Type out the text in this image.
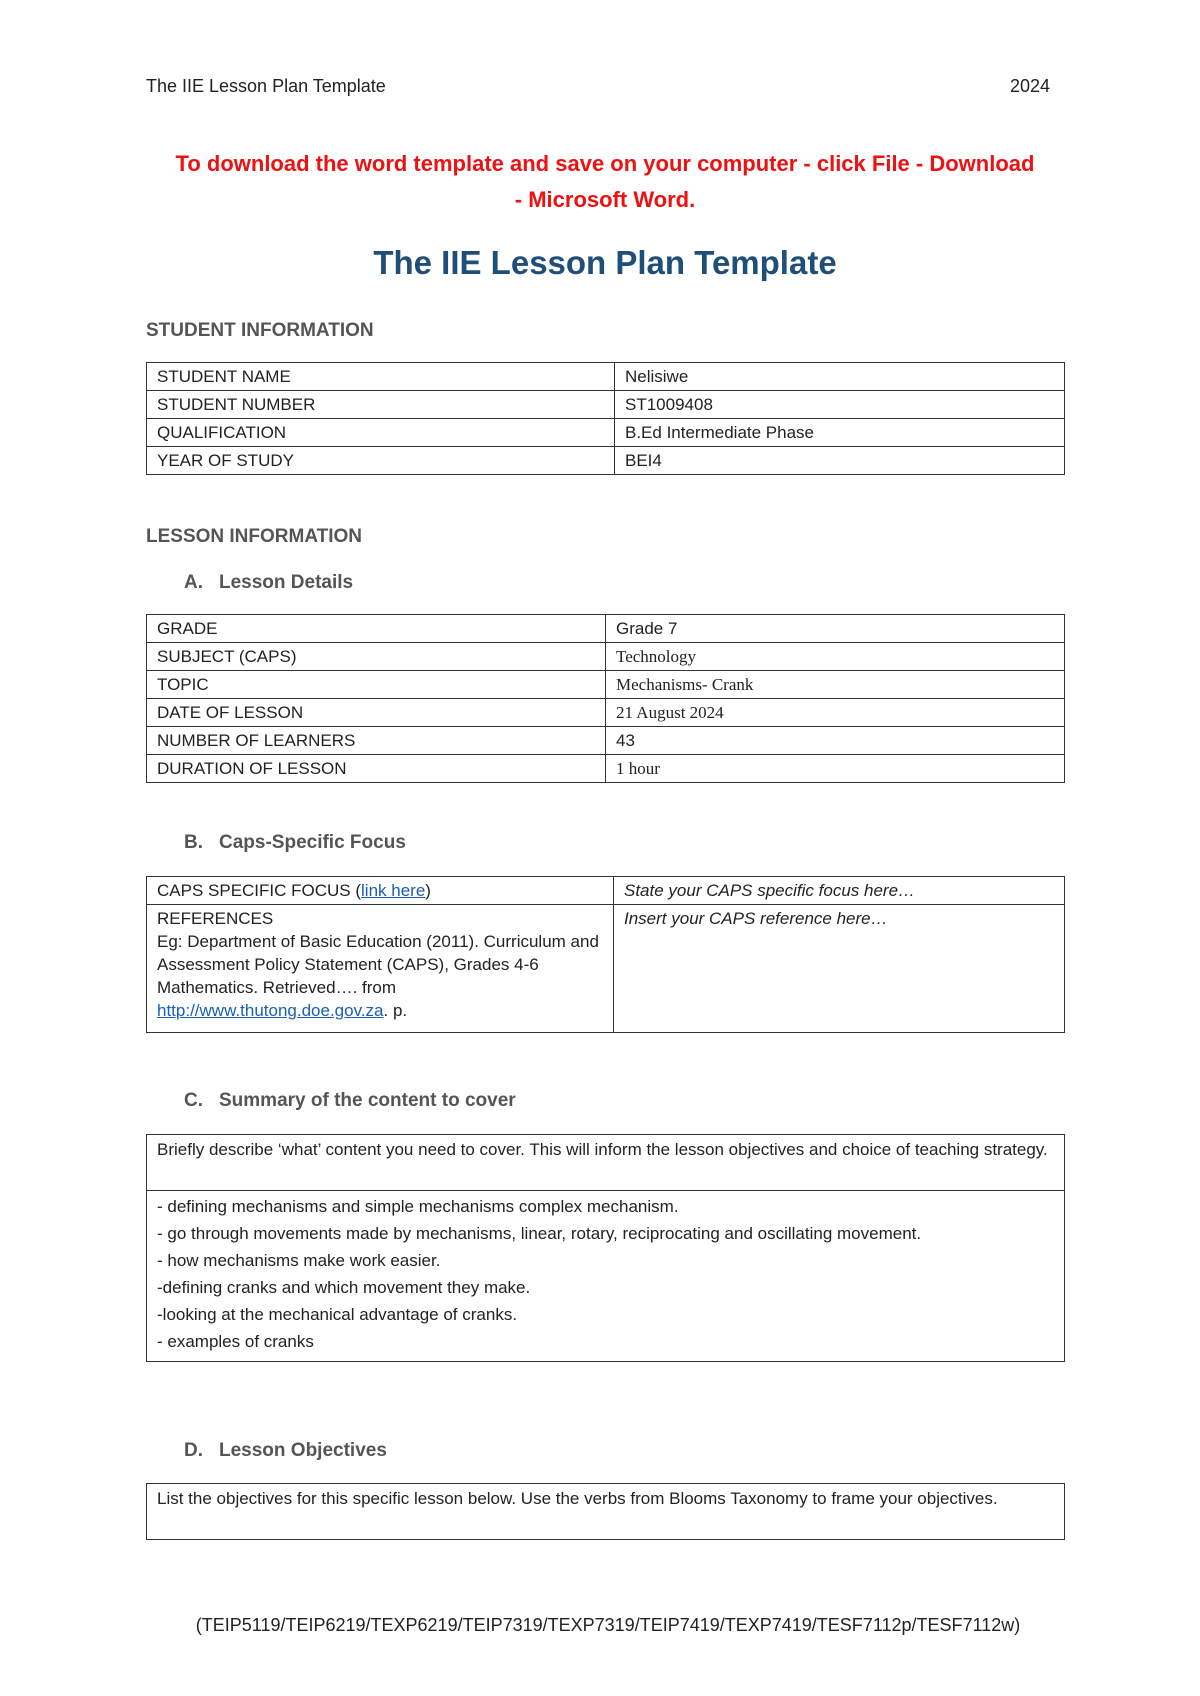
The IIE Lesson Plan Template	2024
To download the word template and save on your computer - click File - Download
- Microsoft Word.
The IIE Lesson Plan Template
STUDENT INFORMATION
STUDENT NAME	Nelisiwe
STUDENT NUMBER	ST1009408
QUALIFICATION	B.Ed Intermediate Phase
YEAR OF STUDY	BEI4
LESSON INFORMATION
A. Lesson Details
GRADE	Grade 7
SUBJECT (CAPS)	Technology
TOPIC	Mechanisms- Crank
DATE OF LESSON	21 August 2024
NUMBER OF LEARNERS	43
DURATION OF LESSON	1 hour
B. Caps-Specific Focus
CAPS SPECIFIC FOCUS (link here)	State your CAPS specific focus here…

REFERENCES
Eg: Department of Basic Education (2011). Curriculum and Assessment Policy Statement (CAPS), Grades 4-6 Mathematics. Retrieved…. from
http://www.thutong.doe.gov.za. p.	Insert your CAPS reference here…
C. Summary of the content to cover
Briefly describe ‘what’ content you need to cover. This will inform the lesson objectives and choice of teaching strategy.

- defining mechanisms and simple mechanisms complex mechanism.
- go through movements made by mechanisms, linear, rotary, reciprocating and oscillating movement.
- how mechanisms make work easier.
-defining cranks and which movement they make.
-looking at the mechanical advantage of cranks.
- examples of cranks
D. Lesson Objectives
List the objectives for this specific lesson below. Use the verbs from Blooms Taxonomy to frame your objectives.
(TEIP5119/TEIP6219/TEXP6219/TEIP7319/TEXP7319/TEIP7419/TEXP7419/TESF7112p/TESF7112w)
